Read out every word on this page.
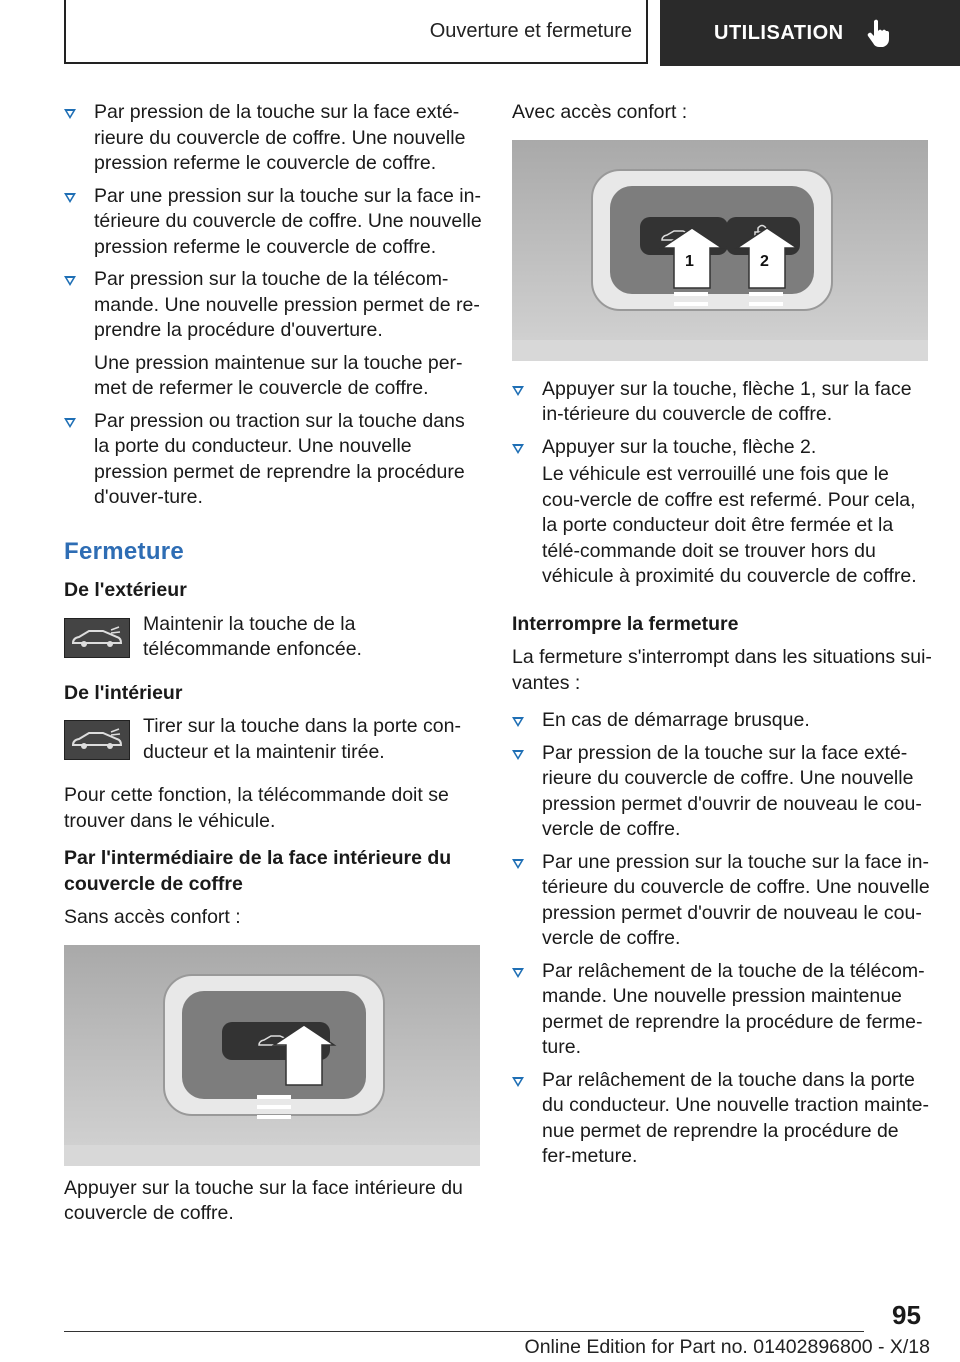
Ouverture et fermeture	UTILISATION
Par pression de la touche sur la face exté-rieure du couvercle de coffre. Une nouvelle pression referme le couvercle de coffre.
Par une pression sur la touche sur la face in-térieure du couvercle de coffre. Une nouvelle pression referme le couvercle de coffre.
Par pression sur la touche de la télécom-mande. Une nouvelle pression permet de re-prendre la procédure d'ouverture.

Une pression maintenue sur la touche per-met de refermer le couvercle de coffre.

Par pression ou traction sur la touche dans la porte du conducteur. Une nouvelle pression permet de reprendre la procédure d'ouver-ture.
Fermeture
De l'extérieur
Maintenir la touche de la télécommande enfoncée.
De l'intérieur
Tirer sur la touche dans la porte con-ducteur et la maintenir tirée.

Pour cette fonction, la télécommande doit se trouver dans le véhicule.

Par l'intermédiaire de la face intérieure du couvercle de coffre

Sans accès confort :

Appuyer sur la touche sur la face intérieure du couvercle de coffre.

Avec accès confort :

1	2
Appuyer sur la touche, flèche 1, sur la face in-térieure du couvercle de coffre.
Appuyer sur la touche, flèche 2.

Le véhicule est verrouillé une fois que le cou-vercle de coffre est refermé. Pour cela, la porte conducteur doit être fermée et la télé-commande doit se trouver hors du véhicule à proximité du couvercle de coffre.

Interrompre la fermeture

La fermeture s'interrompt dans les situations sui-vantes :

En cas de démarrage brusque.
Par pression de la touche sur la face exté-rieure du couvercle de coffre. Une nouvelle pression permet d'ouvrir de nouveau le cou-vercle de coffre.
Par une pression sur la touche sur la face in-térieure du couvercle de coffre. Une nouvelle pression permet d'ouvrir de nouveau le cou-vercle de coffre.
Par relâchement de la touche de la télécom-mande. Une nouvelle pression maintenue permet de reprendre la procédure de ferme-ture.
Par relâchement de la touche dans la porte du conducteur. Une nouvelle traction mainte-nue permet de reprendre la procédure de fer-meture.
95
Online Edition for Part no. 01402896800 - X/18
